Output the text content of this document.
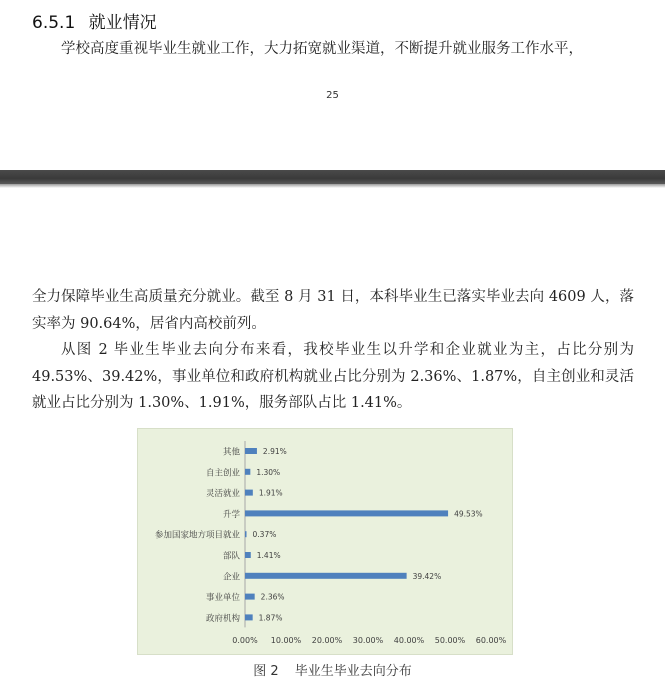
6.5.1 就业情况
学校高度重视毕业生就业工作，大力拓宽就业渠道，不断提升就业服务工作水平，
25

全力保障毕业生高质量充分就业。截至 8 月 31 日，本科毕业生已落实毕业去向 4609 人，落实率为 90.64%，居省内高校前列。

从图 2 毕业生毕业去向分布来看，我校毕业生以升学和企业就业为主，占比分别为 49.53%、39.42%，事业单位和政府机构就业占比分别为 2.36%、1.87%，自主创业和灵活就业占比分别为 1.30%、1.91%，服务部队占比 1.41%。

其他	2.91%
自主创业 1.30%
灵活就业	1.91%
升学	49.53%
参加国家地方项目就业 0.37%
部队 1.41%
企业	39.42%
事业单位	2.36%
政府机构 1.87%
0.00% 10.00% 20.00% 30.00% 40.00% 50.00% 60.00%
图 2 毕业生毕业去向分布
